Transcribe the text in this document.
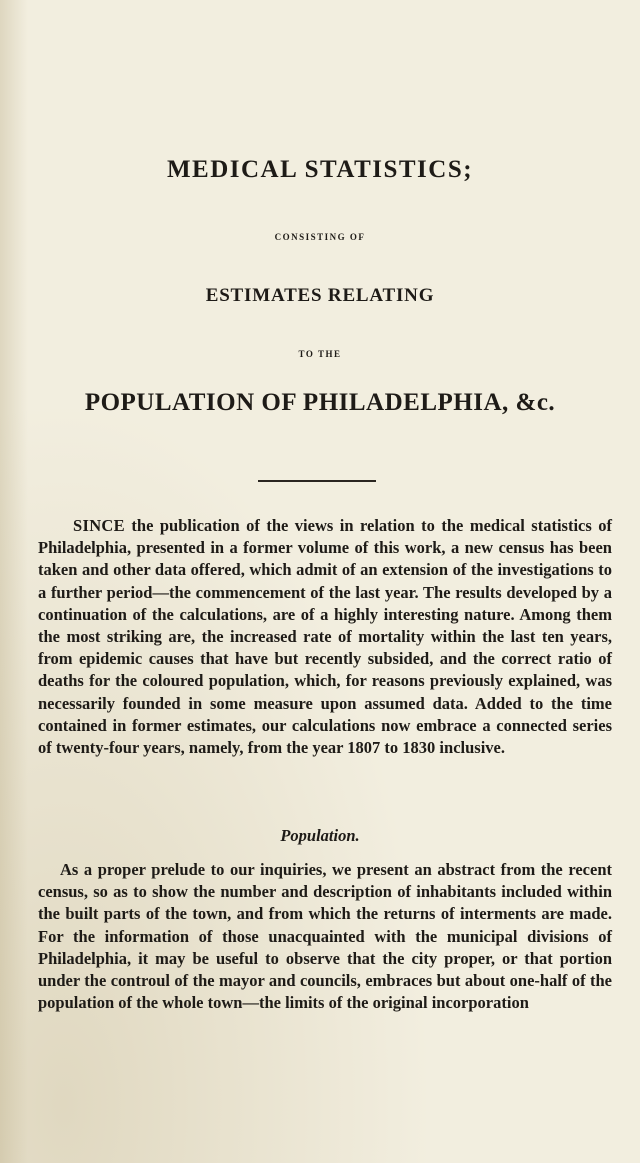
MEDICAL STATISTICS;
CONSISTING OF
ESTIMATES RELATING
TO THE
POPULATION OF PHILADELPHIA, &c.

SINCE the publication of the views in relation to the medical statistics of Philadelphia, presented in a former volume of this work, a new census has been taken and other data offered, which admit of an extension of the investigations to a further period—the commencement of the last year. The results developed by a continuation of the calculations, are of a highly interesting nature. Among them the most striking are, the increased rate of mortality within the last ten years, from epidemic causes that have but recently subsided, and the correct ratio of deaths for the coloured population, which, for reasons previously explained, was necessarily founded in some measure upon assumed data. Added to the time contained in former estimates, our calculations now embrace a connected series of twenty-four years, namely, from the year 1807 to 1830 inclusive.

Population.

As a proper prelude to our inquiries, we present an abstract from the recent census, so as to show the number and description of inhabitants included within the built parts of the town, and from which the returns of interments are made. For the information of those unacquainted with the municipal divisions of Philadelphia, it may be useful to observe that the city proper, or that portion under the controul of the mayor and councils, embraces but about one-half of the population of the whole town—the limits of the original incorporation
